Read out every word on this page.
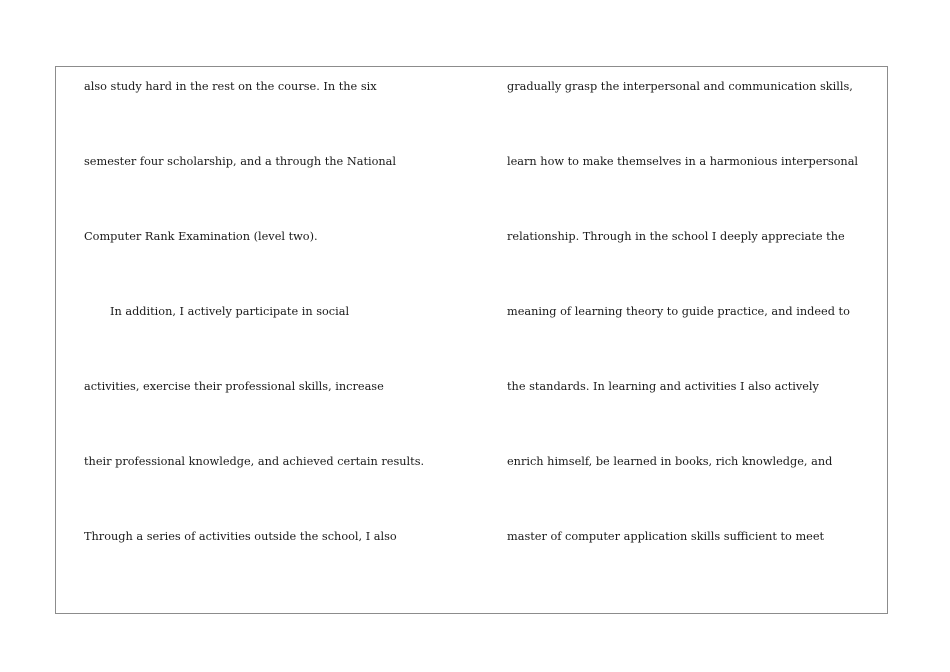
also study hard in the rest on the course. In the six
semester four scholarship, and a through the National
Computer Rank Examination (level two).
In addition, I actively participate in social
activities, exercise their professional skills, increase
their professional knowledge, and achieved certain results.
Through a series of activities outside the school, I also
gradually grasp the interpersonal and communication skills,
learn how to make themselves in a harmonious interpersonal
relationship. Through in the school I deeply appreciate the
meaning of learning theory to guide practice, and indeed to
the standards. In learning and activities I also actively
enrich himself, be learned in books, rich knowledge, and
master of computer application skills sufficient to meet
